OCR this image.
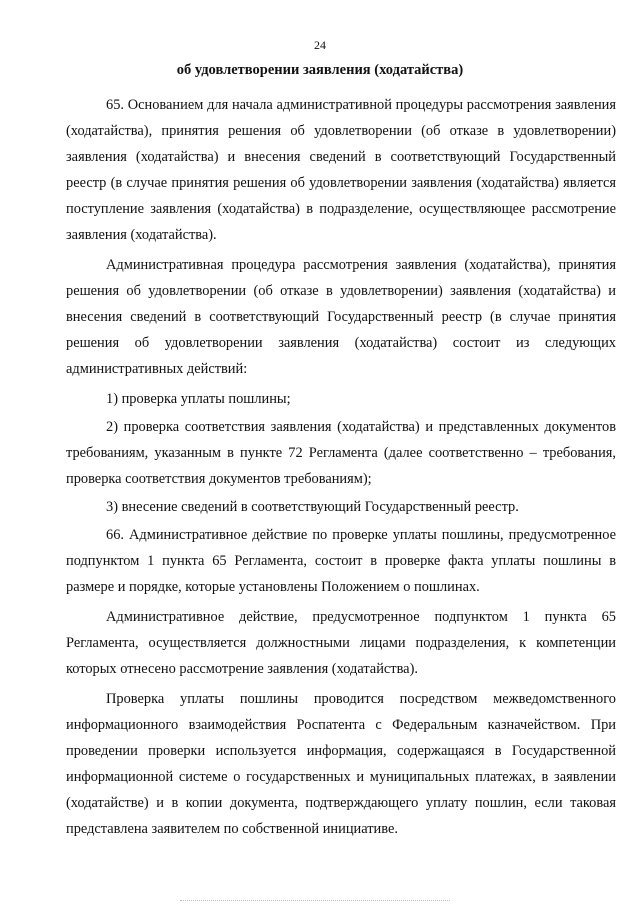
24
об удовлетворении заявления (ходатайства)

65. Основанием для начала административной процедуры рассмотрения заявления (ходатайства), принятия решения об удовлетворении (об отказе в удовлетворении) заявления (ходатайства) и внесения сведений в соответствующий Государственный реестр (в случае принятия решения об удовлетворении заявления (ходатайства) является поступление заявления (ходатайства) в подразделение, осуществляющее рассмотрение заявления (ходатайства).

Административная процедура рассмотрения заявления (ходатайства), принятия решения об удовлетворении (об отказе в удовлетворении) заявления (ходатайства) и внесения сведений в соответствующий Государственный реестр (в случае принятия решения об удовлетворении заявления (ходатайства) состоит из следующих административных действий:

1) проверка уплаты пошлины;

2) проверка соответствия заявления (ходатайства) и представленных документов требованиям, указанным в пункте 72 Регламента (далее соответственно – требования, проверка соответствия документов требованиям);

3) внесение сведений в соответствующий Государственный реестр.

66. Административное действие по проверке уплаты пошлины, предусмотренное подпунктом 1 пункта 65 Регламента, состоит в проверке факта уплаты пошлины в размере и порядке, которые установлены Положением о пошлинах.

Административное действие, предусмотренное подпунктом 1 пункта 65 Регламента, осуществляется должностными лицами подразделения, к компетенции которых отнесено рассмотрение заявления (ходатайства).

Проверка уплаты пошлины проводится посредством межведомственного информационного взаимодействия Роспатента с Федеральным казначейством. При проведении проверки используется информация, содержащаяся в Государственной информационной системе о государственных и муниципальных платежах, в заявлении (ходатайстве) и в копии документа, подтверждающего уплату пошлин, если таковая представлена заявителем по собственной инициативе.
